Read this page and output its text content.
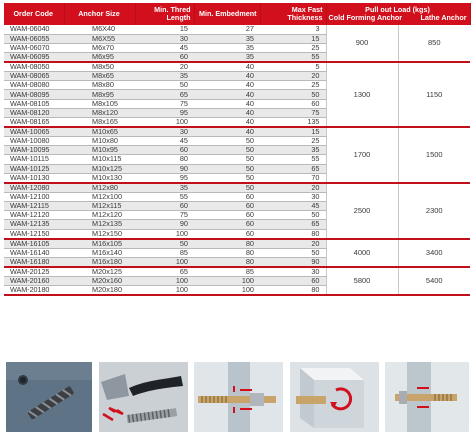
Order Code	Anchor Size	Min. Thred Length	Min. Embedment	Max Fast Thickness	Pull out Load (kgs)
Cold Forming Anchor Lathe Anchor	

WAM-06040	M6X40	15	27	3	900	850
WAM-06055	M6X55	30	35	15		
WAM-06070	M6x70	45	35	25		
WAM-06095	M6x95	60	35	55		
WAM-08050	M8x50	20	40	5	1300	1150
WAM-08065	M8x65	35	40	20		
WAM-08080	M8x80	50	40	25		
WAM-08095	M8x95	65	40	50		
WAM-08105	M8x105	75	40	60		
WAM-08120	M8x120	95	40	75		
WAM-08165	M8x165	100	40	135		
WAM-10065	M10x65	30	40	15	1700	1500
WAM-10080	M10x80	45	50	25		
WAM-10095	M10x95	60	50	35		
WAM-10115	M10x115	80	50	55		
WAM-10125	M10x125	90	50	65		
WAM-10130	M10x130	95	50	70		
WAM-12080	M12x80	35	50	20	2500	2300
WAM-12100	M12x100	55	60	30		
WAM-12115	M12x115	60	60	45		
WAM-12120	M12x120	75	60	50		
WAM-12135	M12x135	90	60	65		
WAM-12150	M12x150	100	60	80		
WAM-16105	M16x105	50	80	20	4000	3400
WAM-16140	M16x140	85	80	50		
WAM-16180	M16x180	100	80	90		
WAM-20125	M20x125	65	85	30	5800	5400
WAM-20160	M20x160	100	100	60		
WAM-20180	M20x180	100	100	80		
